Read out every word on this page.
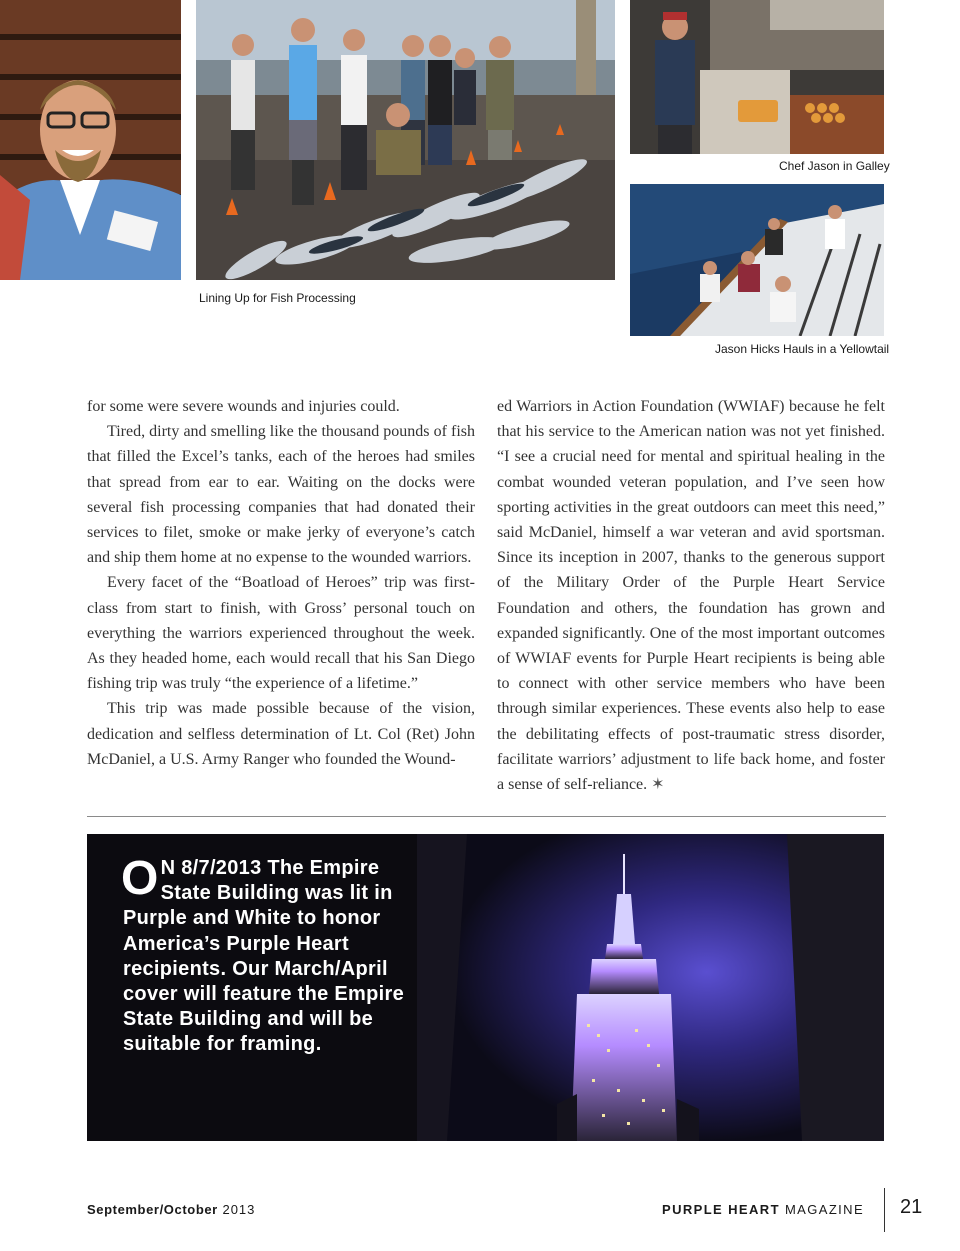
Chef Jason in Galley
Lining Up for Fish Processing
Jason Hicks Hauls in a Yellowtail

for some were severe wounds and injuries could.

Tired, dirty and smelling like the thousand pounds of fish that filled the Excel’s tanks, each of the heroes had smiles that spread from ear to ear. Waiting on the docks were several fish processing companies that had donated their services to filet, smoke or make jerky of everyone’s catch and ship them home at no expense to the wounded warriors.

Every facet of the “Boatload of Heroes” trip was first-class from start to finish, with Gross’ personal touch on everything the warriors experienced throughout the week. As they headed home, each would recall that his San Diego fishing trip was truly “the experience of a lifetime.”

This trip was made possible because of the vision, dedication and selfless determination of Lt. Col (Ret) John McDaniel, a U.S. Army Ranger who founded the Wound-

ed Warriors in Action Foundation (WWIAF) because he felt that his service to the American nation was not yet finished. “I see a crucial need for mental and spiritual healing in the combat wounded veteran population, and I’ve seen how sporting activities in the great outdoors can meet this need,” said McDaniel, himself a war veteran and avid sportsman. Since its inception in 2007, thanks to the generous support of the Military Order of the Purple Heart Service Foundation and others, the foundation has grown and expanded significantly. One of the most important outcomes of WWIAF events for Purple Heart recipients is being able to connect with other service members who have been through similar experiences. These events also help to ease the debilitating effects of post-traumatic stress disorder, facilitate warriors’ adjustment to life back home, and foster a sense of self-reliance. ✶

O N 8/7/2013 The Empire State Building was lit in Purple and White to honor America’s Purple Heart recipients. Our March/April cover will feature the Empire State Building and will be suitable for framing.
September/October 2013	PURPLE HEART MAGAZINE 21
